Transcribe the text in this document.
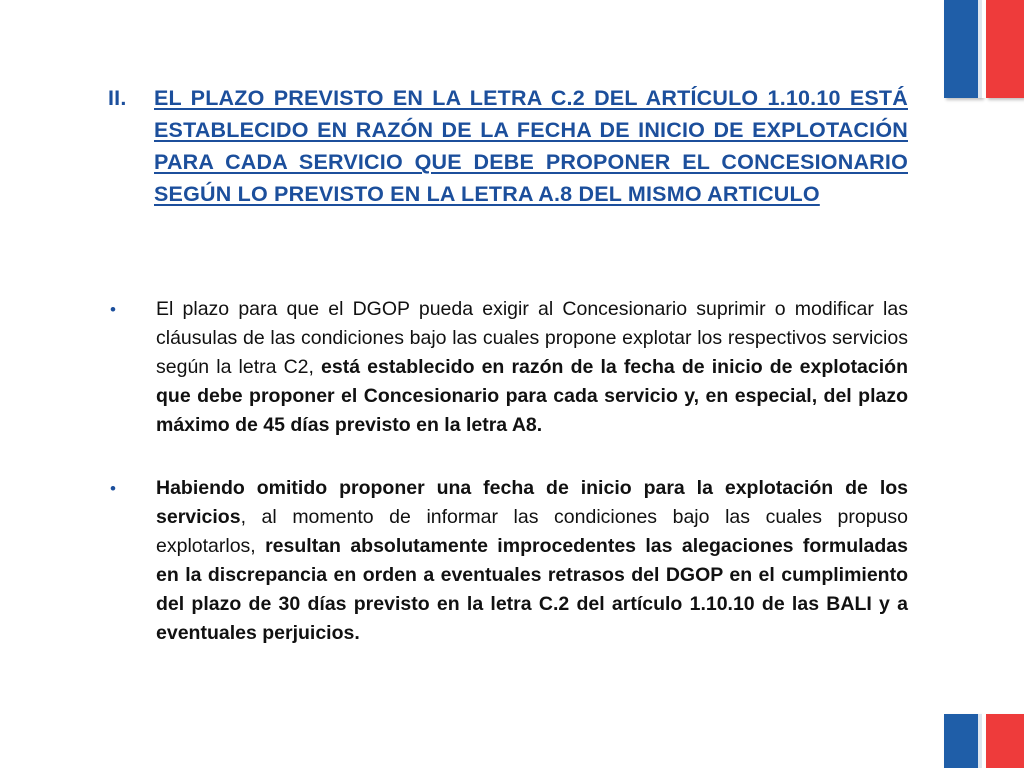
II.	EL PLAZO PREVISTO EN LA LETRA C.2 DEL ARTÍCULO 1.10.10 ESTÁ ESTABLECIDO EN RAZÓN DE LA FECHA DE INICIO DE EXPLOTACIÓN PARA CADA SERVICIO QUE DEBE PROPONER EL CONCESIONARIO SEGÚN LO PREVISTO EN LA LETRA A.8 DEL MISMO ARTICULO
•	El plazo para que el DGOP pueda exigir al Concesionario suprimir o modificar las cláusulas de las condiciones bajo las cuales propone explotar los respectivos servicios según la letra C2, está establecido en razón de la fecha de inicio de explotación que debe proponer el Concesionario para cada servicio y, en especial, del plazo máximo de 45 días previsto en la letra A8.
•	Habiendo omitido proponer una fecha de inicio para la explotación de los servicios, al momento de informar las condiciones bajo las cuales propuso explotarlos, resultan absolutamente improcedentes las alegaciones formuladas en la discrepancia en orden a eventuales retrasos del DGOP en el cumplimiento del plazo de 30 días previsto en la letra C.2 del artículo 1.10.10 de las BALI y a eventuales perjuicios.
